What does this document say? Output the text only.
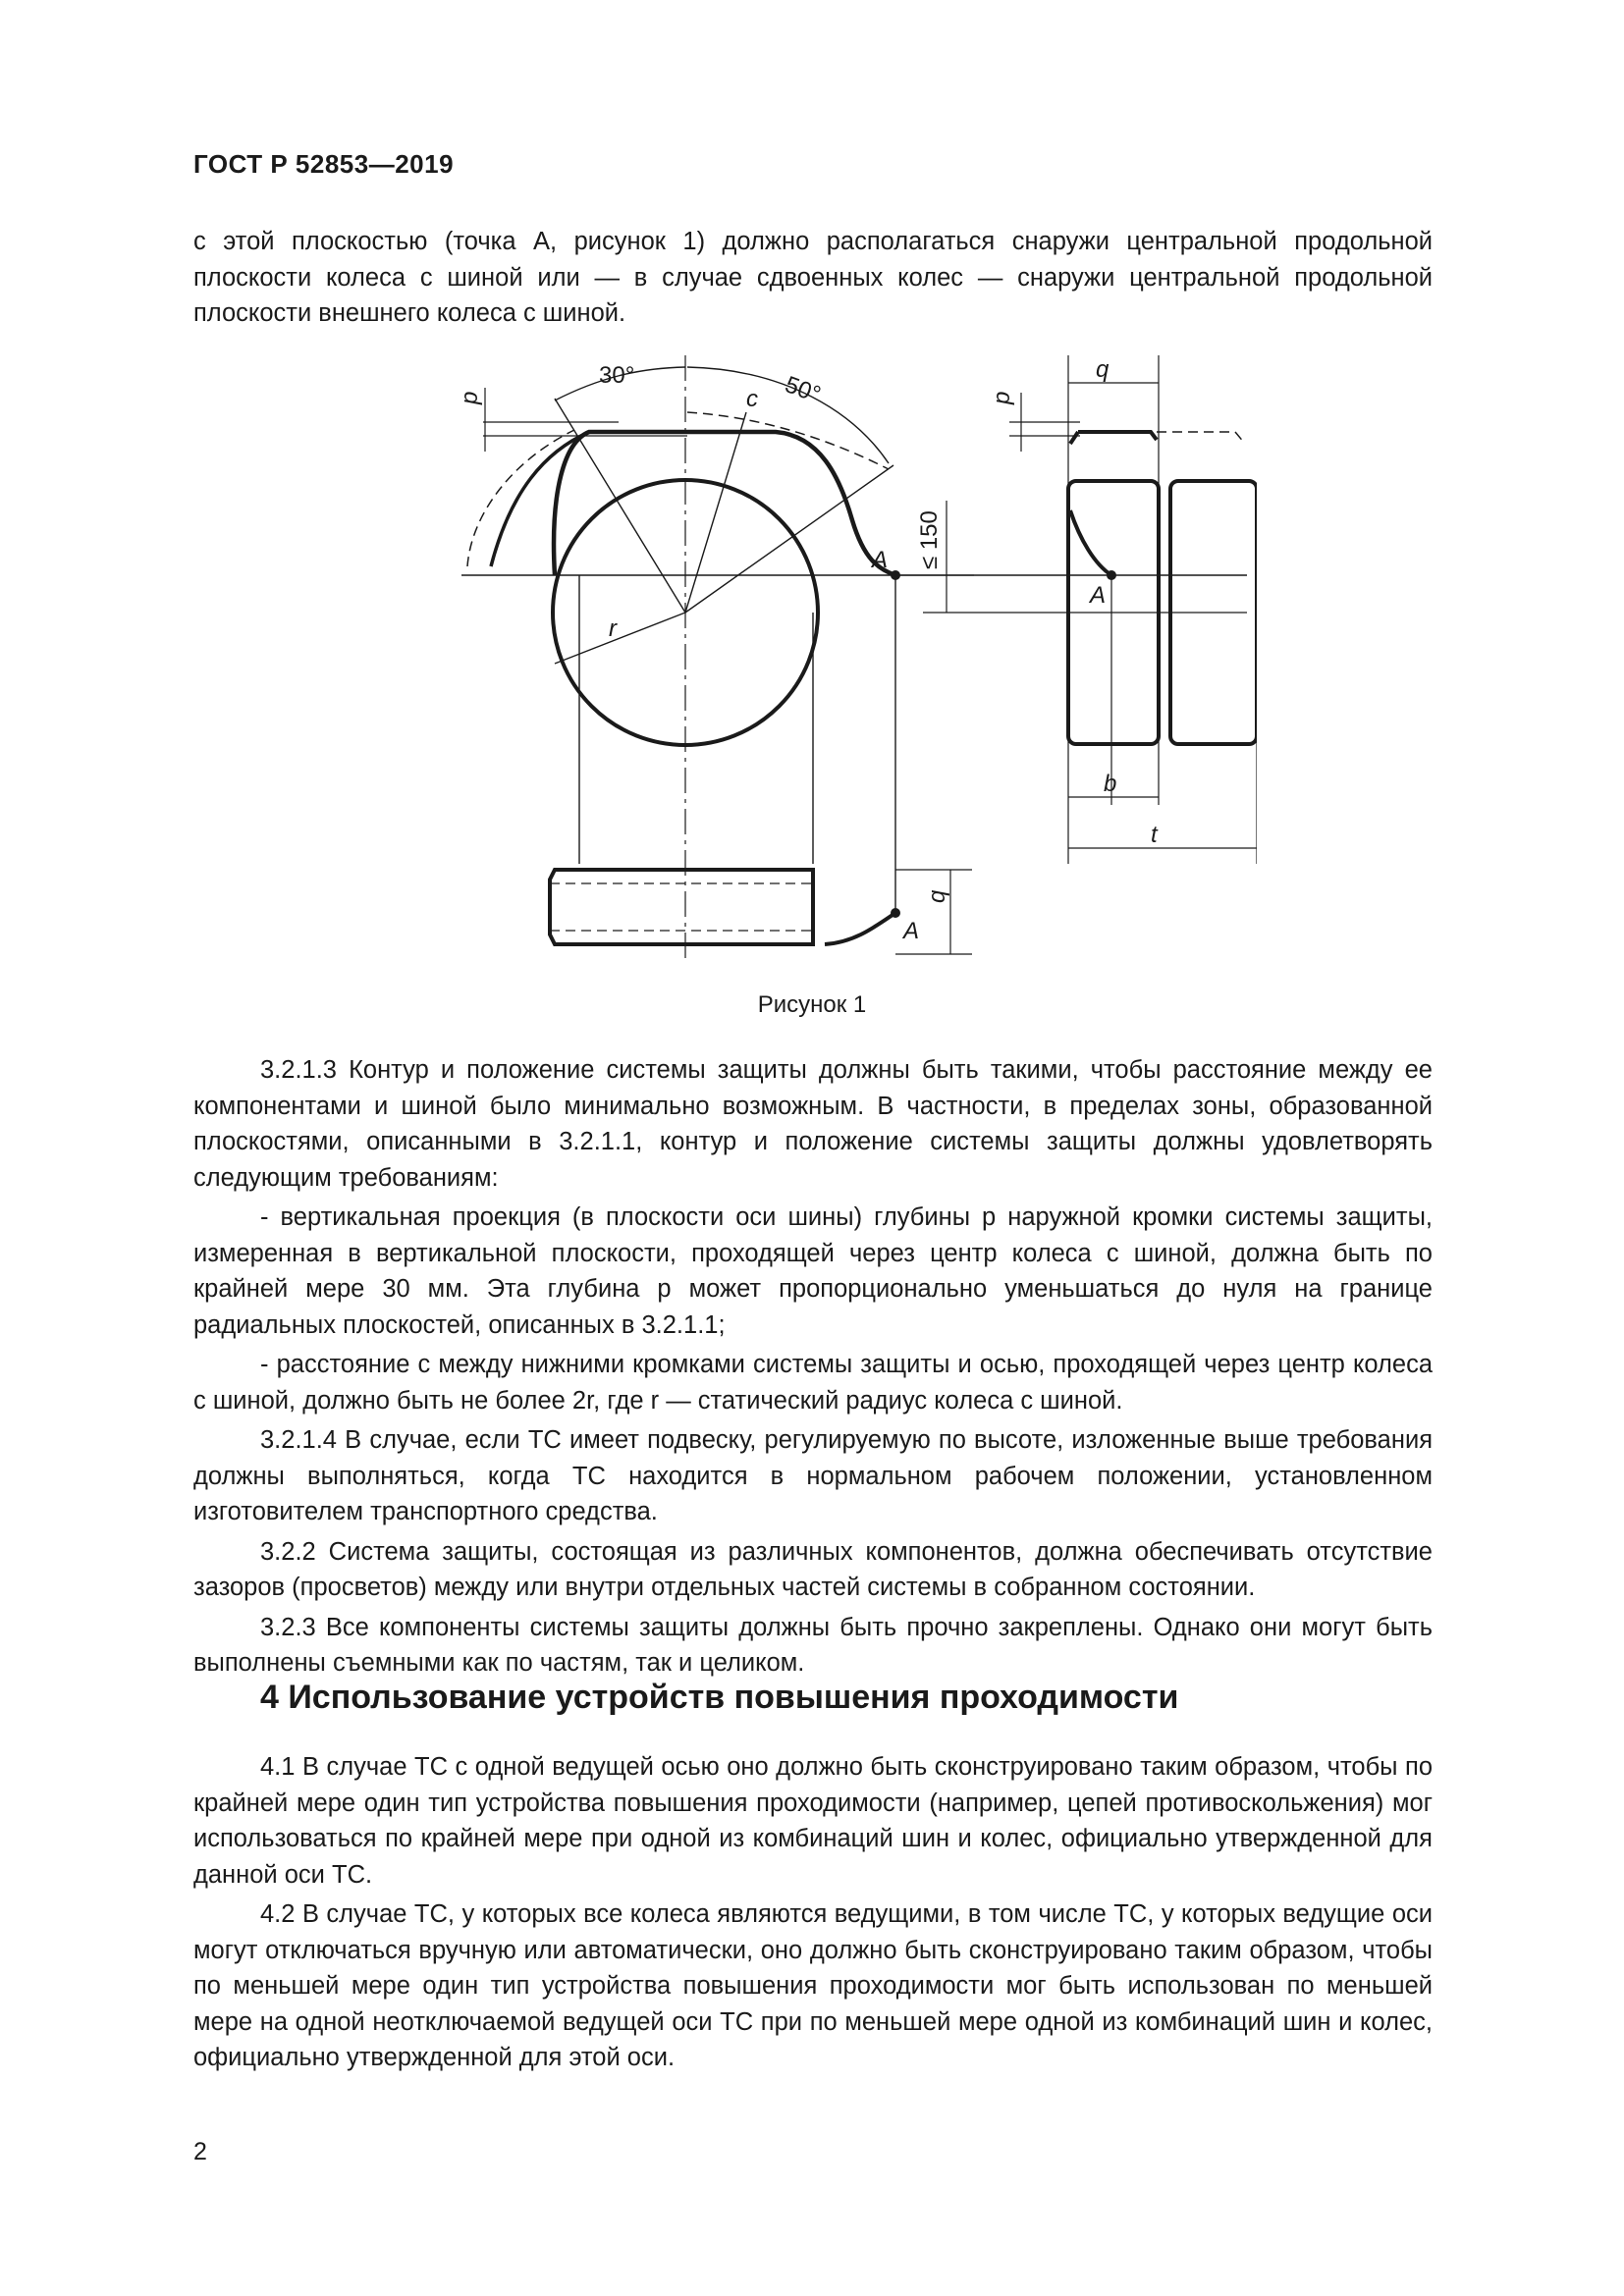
ГОСТ Р 52853—2019

с этой плоскостью (точка А, рисунок 1) должно располагаться снаружи центральной продольной плоскости колеса с шиной или — в случае сдвоенных колес — снаружи центральной продольной плоскости внешнего колеса с шиной.

30°	50°
p	c
r
A ≤ 150
q
p
A
b
t
A
q
Рисунок 1

3.2.1.3 Контур и положение системы защиты должны быть такими, чтобы расстояние между ее компонентами и шиной было минимально возможным. В частности, в пределах зоны, образованной плоскостями, описанными в 3.2.1.1, контур и положение системы защиты должны удовлетворять следующим требованиям:

- вертикальная проекция (в плоскости оси шины) глубины p наружной кромки системы защиты, измеренная в вертикальной плоскости, проходящей через центр колеса с шиной, должна быть по крайней мере 30 мм. Эта глубина p может пропорционально уменьшаться до нуля на границе радиальных плоскостей, описанных в 3.2.1.1;

- расстояние c между нижними кромками системы защиты и осью, проходящей через центр колеса с шиной, должно быть не более 2r, где r — статический радиус колеса с шиной.

3.2.1.4 В случае, если ТС имеет подвеску, регулируемую по высоте, изложенные выше требования должны выполняться, когда ТС находится в нормальном рабочем положении, установленном изготовителем транспортного средства.

3.2.2 Система защиты, состоящая из различных компонентов, должна обеспечивать отсутствие зазоров (просветов) между или внутри отдельных частей системы в собранном состоянии.

3.2.3 Все компоненты системы защиты должны быть прочно закреплены. Однако они могут быть выполнены съемными как по частям, так и целиком.

4 Использование устройств повышения проходимости

4.1 В случае ТС с одной ведущей осью оно должно быть сконструировано таким образом, чтобы по крайней мере один тип устройства повышения проходимости (например, цепей противоскольжения) мог использоваться по крайней мере при одной из комбинаций шин и колес, официально утвержденной для данной оси ТС.

4.2 В случае ТС, у которых все колеса являются ведущими, в том числе ТС, у которых ведущие оси могут отключаться вручную или автоматически, оно должно быть сконструировано таким образом, чтобы по меньшей мере один тип устройства повышения проходимости мог быть использован по меньшей мере на одной неотключаемой ведущей оси ТС при по меньшей мере одной из комбинаций шин и колес, официально утвержденной для этой оси.

2
